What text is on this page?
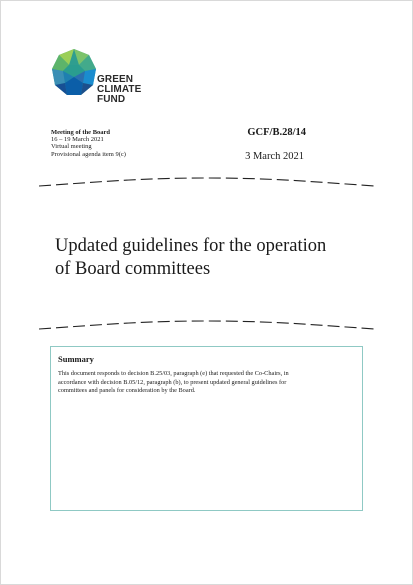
GREEN
CLIMATE
FUND
Meeting of the Board
16 – 19 March 2021
Virtual meeting
Provisional agenda item 9(c)
GCF/B.28/14
3 March 2021
Updated guidelines for the operation
of Board committees
Summary

This document responds to decision B.25/03, paragraph (e) that requested the Co-Chairs, in
accordance with decision B.05/12, paragraph (b), to present updated general guidelines for
committees and panels for consideration by the Board.
